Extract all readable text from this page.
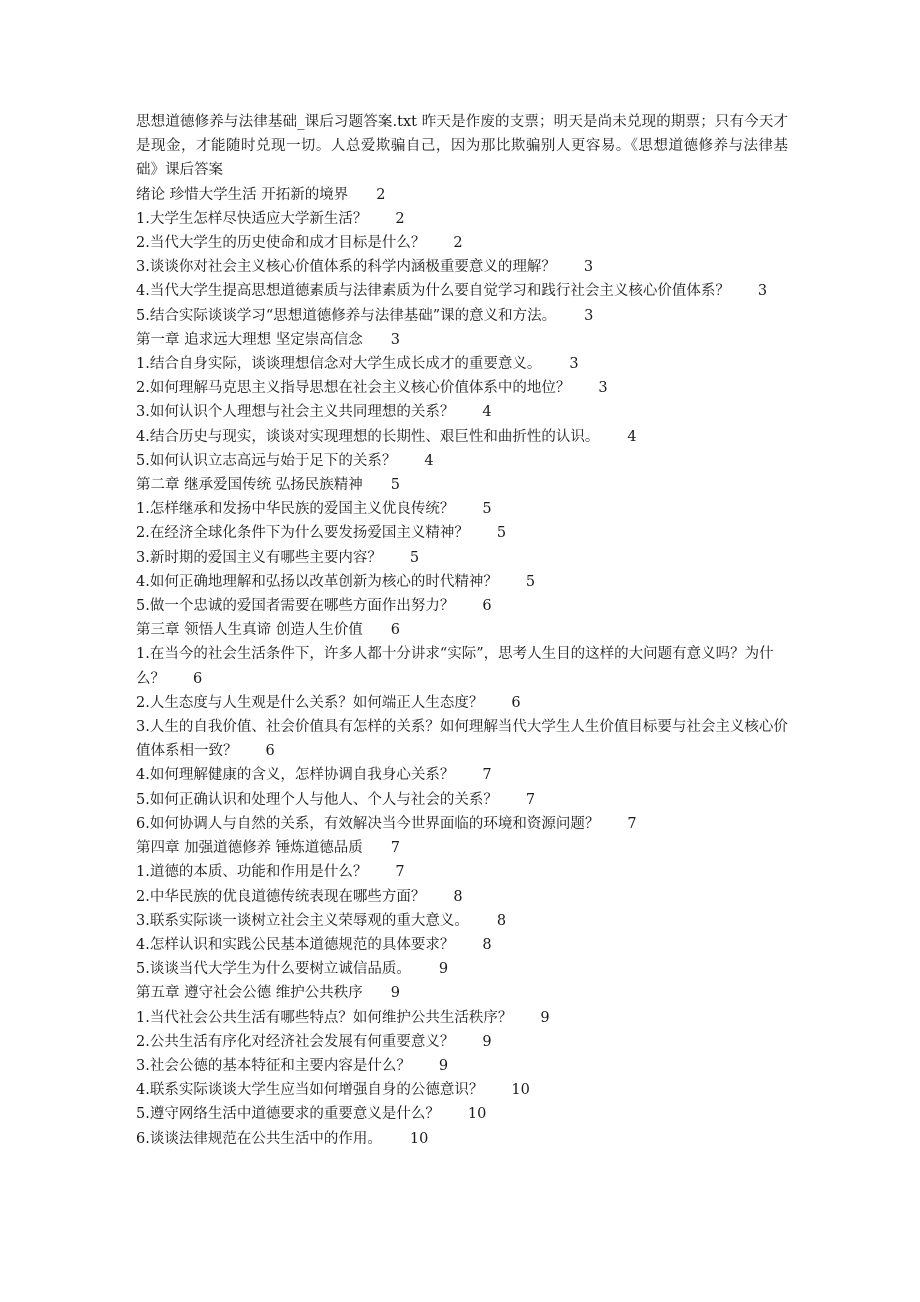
思想道德修养与法律基础_课后习题答案.txt 昨天是作废的支票；明天是尚未兑现的期票；只有今天才是现金，才能随时兑现一切。人总爱欺骗自己，因为那比欺骗别人更容易。《思想道德修养与法律基础》课后答案

绪论 珍惜大学生活 开拓新的境界 2
1.大学生怎样尽快适应大学新生活？ 2
2.当代大学生的历史使命和成才目标是什么？ 2
3.谈谈你对社会主义核心价值体系的科学内涵极重要意义的理解？ 3
4.当代大学生提高思想道德素质与法律素质为什么要自觉学习和践行社会主义核心价值体系？ 3
5.结合实际谈谈学习“思想道德修养与法律基础”课的意义和方法。 3
第一章 追求远大理想 坚定崇高信念 3
1.结合自身实际，谈谈理想信念对大学生成长成才的重要意义。 3
2.如何理解马克思主义指导思想在社会主义核心价值体系中的地位？ 3
3.如何认识个人理想与社会主义共同理想的关系？ 4
4.结合历史与现实，谈谈对实现理想的长期性、艰巨性和曲折性的认识。 4
5.如何认识立志高远与始于足下的关系？ 4
第二章 继承爱国传统 弘扬民族精神 5
1.怎样继承和发扬中华民族的爱国主义优良传统？ 5
2.在经济全球化条件下为什么要发扬爱国主义精神？ 5
3.新时期的爱国主义有哪些主要内容？ 5
4.如何正确地理解和弘扬以改革创新为核心的时代精神？ 5
5.做一个忠诚的爱国者需要在哪些方面作出努力？ 6
第三章 领悟人生真谛 创造人生价值 6
1.在当今的社会生活条件下，许多人都十分讲求“实际”，思考人生目的这样的大问题有意义吗？为什么？ 6
2.人生态度与人生观是什么关系？如何端正人生态度？ 6
3.人生的自我价值、社会价值具有怎样的关系？如何理解当代大学生人生价值目标要与社会主义核心价值体系相一致？ 6
4.如何理解健康的含义，怎样协调自我身心关系？ 7
5.如何正确认识和处理个人与他人、个人与社会的关系？ 7
6.如何协调人与自然的关系，有效解决当今世界面临的环境和资源问题？ 7
第四章 加强道德修养 锤炼道德品质 7
1.道德的本质、功能和作用是什么？ 7
2.中华民族的优良道德传统表现在哪些方面？ 8
3.联系实际谈一谈树立社会主义荣辱观的重大意义。 8
4.怎样认识和实践公民基本道德规范的具体要求？ 8
5.谈谈当代大学生为什么要树立诚信品质。 9
第五章 遵守社会公德 维护公共秩序 9
1.当代社会公共生活有哪些特点？如何维护公共生活秩序？ 9
2.公共生活有序化对经济社会发展有何重要意义？ 9
3.社会公德的基本特征和主要内容是什么？ 9
4.联系实际谈谈大学生应当如何增强自身的公德意识？ 10
5.遵守网络生活中道德要求的重要意义是什么？ 10
6.谈谈法律规范在公共生活中的作用。 10
